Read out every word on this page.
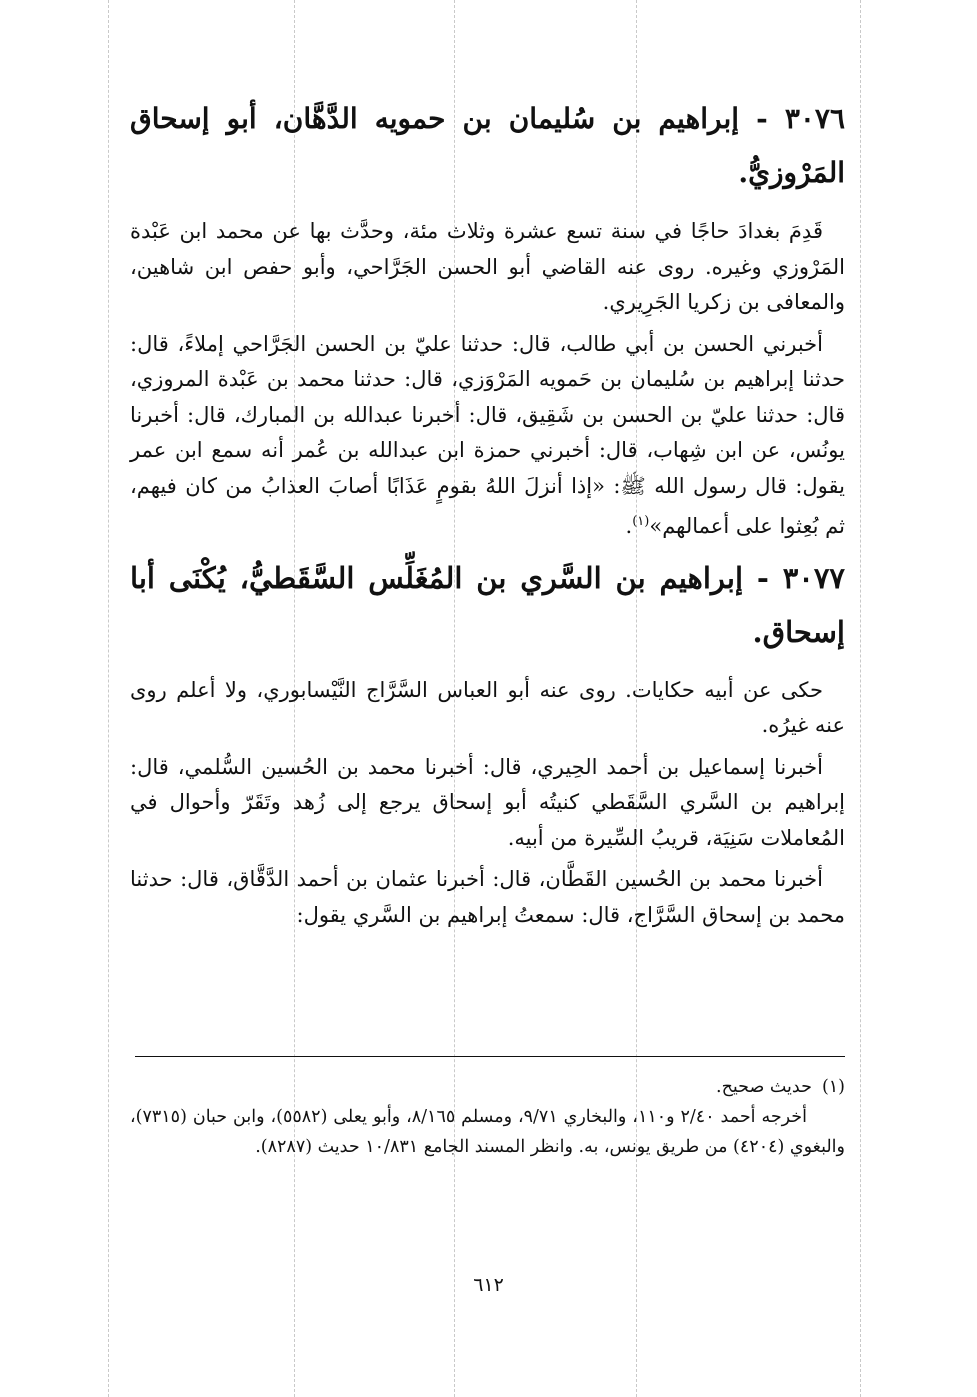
٣٠٧٦ - إبراهيم بن سُليمان بن حمويه الدَّهَّان، أبو إسحاق المَرْوزيُّ.

قَدِمَ بغدادَ حاجًا في سنة تسع عشرة وثلاث مئة، وحدَّث بها عن محمد ابن عَبْدة المَرْوزي وغيره. روى عنه القاضي أبو الحسن الجَرَّاحي، وأبو حفص ابن شاهين، والمعافى بن زكريا الجَرِيري.

أخبرني الحسن بن أبي طالب، قال: حدثنا عليّ بن الحسن الجَرَّاحي إملاءً، قال: حدثنا إبراهيم بن سُليمان بن حَمويه المَرْوَزي، قال: حدثنا محمد بن عَبْدة المروزي، قال: حدثنا عليّ بن الحسن بن شَقِيق، قال: أخبرنا عبدالله بن المبارك، قال: أخبرنا يونُس، عن ابن شِهاب، قال: أخبرني حمزة ابن عبدالله بن عُمر أنه سمع ابن عمر يقول: قال رسول الله ﷺ: «إذا أنزلَ اللهُ بقومٍ عَذَابًا أصابَ العذابُ من كان فيهم، ثم بُعِثوا على أعمالهم»$^{(١)}$.

٣٠٧٧ - إبراهيم بن السَّري بن المُغَلِّس السَّقَطيُّ، يُكْنَى أبا إسحاق.

حكى عن أبيه حكايات. روى عنه أبو العباس السَّرَّاج النَّيْسابوري، ولا أعلم روى عنه غيرُه.

أخبرنا إسماعيل بن أحمد الحِيري، قال: أخبرنا محمد بن الحُسين السُّلمي، قال: إبراهيم بن السَّري السَّقَطي كنيتُه أبو إسحاق يرجع إلى زُهد وتَقَرّ وأحوال في المُعاملات سَنِيَة، قريبُ السِّيرة من أبيه.

أخبرنا محمد بن الحُسين القَطَّان، قال: أخبرنا عثمان بن أحمد الدَّقَّاق، قال: حدثنا محمد بن إسحاق السَّرَّاج، قال: سمعتُ إبراهيم بن السَّري يقول:

(١)حديث صحيح.
أخرجه أحمد ٢/٤٠ و١١٠، والبخاري ٩/٧١، ومسلم ٨/١٦٥، وأبو يعلى (٥٥٨٢)، وابن حبان (٧٣١٥)، والبغوي (٤٢٠٤) من طريق يونس، به. وانظر المسند الجامع ١٠/٨٣١ حديث (٨٢٨٧).
٦١٢
